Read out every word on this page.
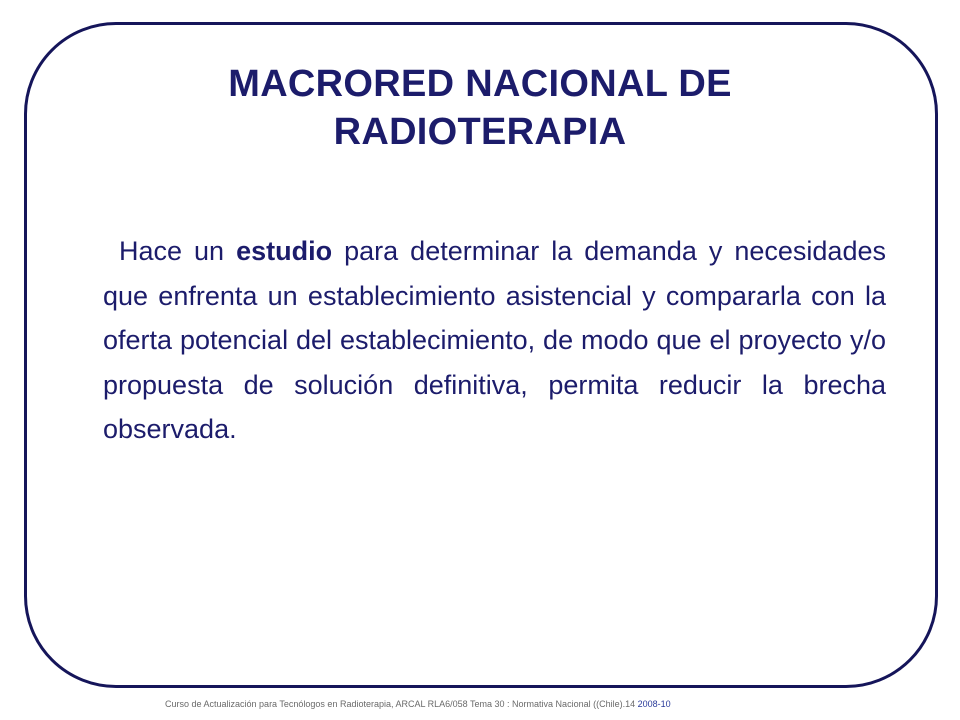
MACRORED NACIONAL DE
RADIOTERAPIA

Hace un estudio para determinar la demanda y necesidades que enfrenta un establecimiento asistencial y compararla con la oferta potencial del establecimiento, de modo que el proyecto y/o propuesta de solución definitiva, permita reducir la brecha observada.

Curso de Actualización para Tecnólogos en Radioterapia, ARCAL RLA6/058 Tema 30 : Normativa Nacional ((Chile).14 2008-10
